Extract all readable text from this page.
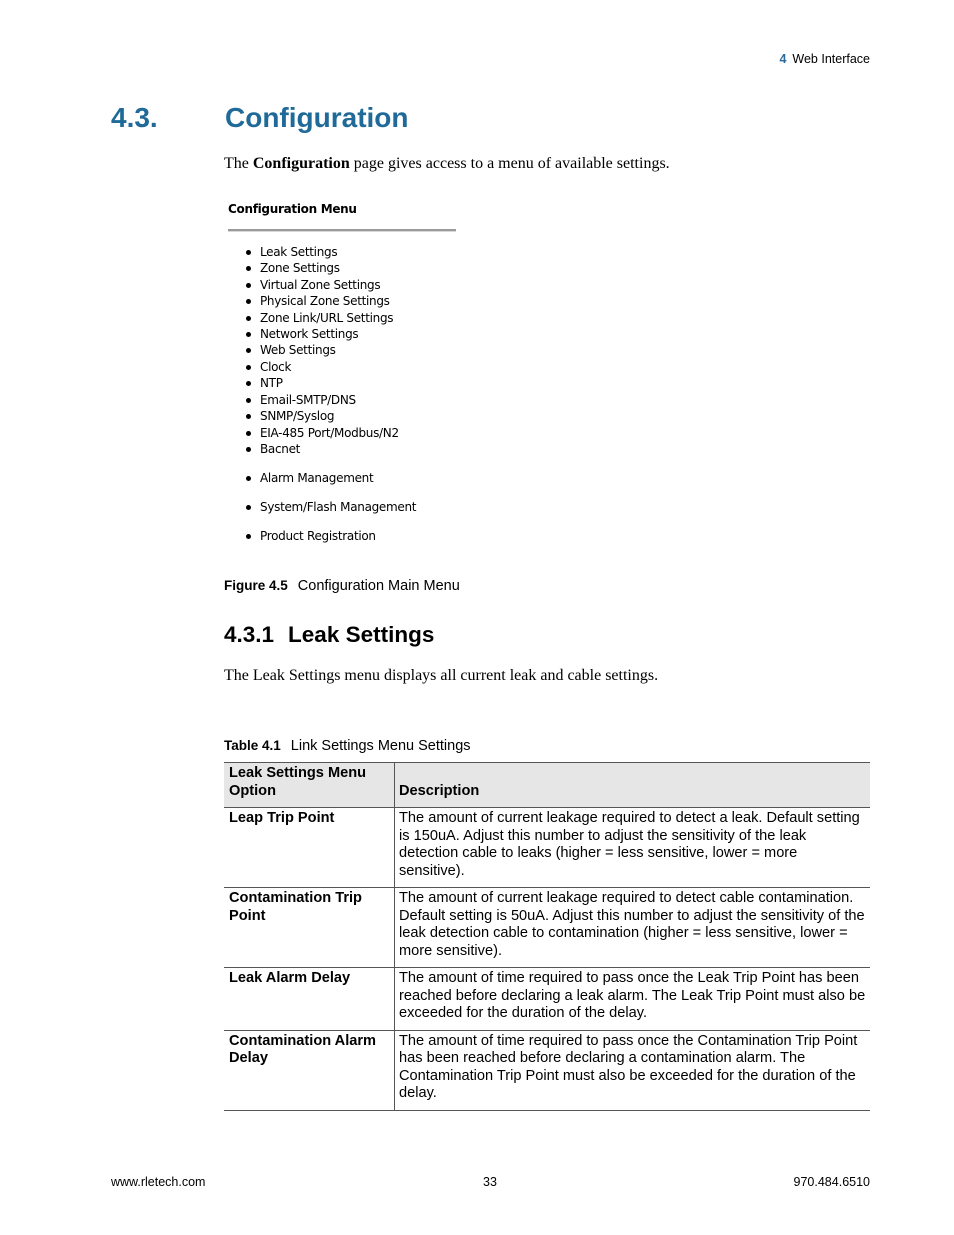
4 Web Interface
4.3. Configuration
The Configuration page gives access to a menu of available settings.
Configuration Menu
Leak Settings
Zone Settings
Virtual Zone Settings
Physical Zone Settings
Zone Link/URL Settings
Network Settings
Web Settings
Clock
NTP
Email-SMTP/DNS
SNMP/Syslog
EIA-485 Port/Modbus/N2
Bacnet
Alarm Management
System/Flash Management
Product Registration
Figure 4.5 Configuration Main Menu
4.3.1 Leak Settings
The Leak Settings menu displays all current leak and cable settings.
Table 4.1 Link Settings Menu Settings
Leak Settings Menu Option	Description
Leap Trip Point	The amount of current leakage required to detect a leak. Default setting is 150uA. Adjust this number to adjust the sensitivity of the leak detection cable to leaks (higher = less sensitive, lower = more sensitive).
Contamination Trip Point	The amount of current leakage required to detect cable contamination. Default setting is 50uA. Adjust this number to adjust the sensitivity of the leak detection cable to contamination (higher = less sensitive, lower = more sensitive).
Leak Alarm Delay	The amount of time required to pass once the Leak Trip Point has been reached before declaring a leak alarm. The Leak Trip Point must also be exceeded for the duration of the delay.
Contamination Alarm Delay	The amount of time required to pass once the Contamination Trip Point has been reached before declaring a contamination alarm. The Contamination Trip Point must also be exceeded for the duration of the delay.
www.rletech.com	33	970.484.6510
